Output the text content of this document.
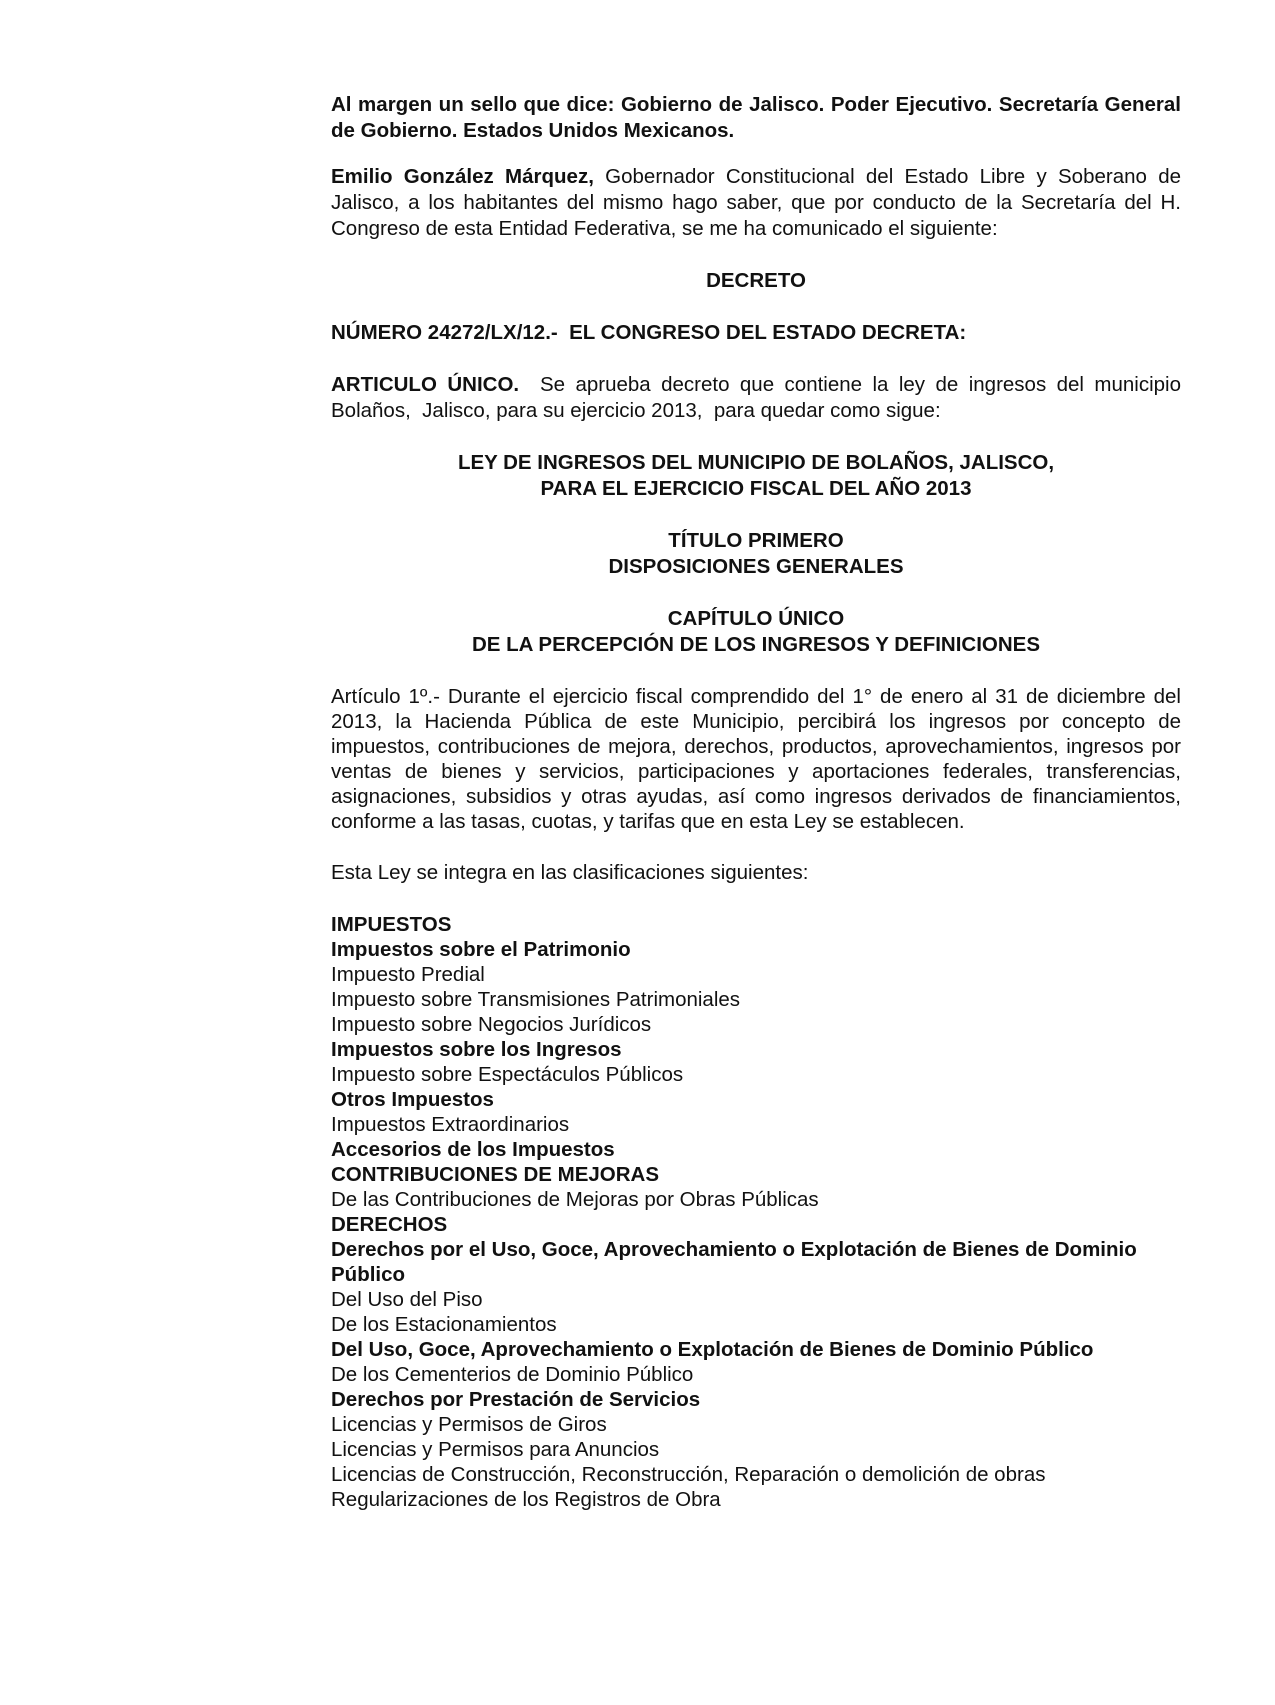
Al margen un sello que dice: Gobierno de Jalisco. Poder Ejecutivo. Secretaría General de Gobierno. Estados Unidos Mexicanos.

Emilio González Márquez, Gobernador Constitucional del Estado Libre y Soberano de Jalisco, a los habitantes del mismo hago saber, que por conducto de la Secretaría del H. Congreso de esta Entidad Federativa, se me ha comunicado el siguiente:

DECRETO

NÚMERO 24272/LX/12.-  EL CONGRESO DEL ESTADO DECRETA:

ARTICULO ÚNICO.  Se aprueba decreto que contiene la ley de ingresos del municipio Bolaños,  Jalisco, para su ejercicio 2013,  para quedar como sigue:

LEY DE INGRESOS DEL MUNICIPIO DE BOLAÑOS, JALISCO,

PARA EL EJERCICIO FISCAL DEL AÑO 2013

TÍTULO PRIMERO

DISPOSICIONES GENERALES

CAPÍTULO ÚNICO

DE LA PERCEPCIÓN DE LOS INGRESOS Y DEFINICIONES

Artículo 1º.- Durante el ejercicio fiscal comprendido del 1° de enero al 31 de diciembre del 2013, la Hacienda Pública de este Municipio, percibirá los ingresos por concepto de impuestos, contribuciones de mejora, derechos, productos, aprovechamientos, ingresos por ventas de bienes y servicios, participaciones y aportaciones federales, transferencias, asignaciones, subsidios y otras ayudas, así como ingresos derivados de financiamientos, conforme a las tasas, cuotas, y tarifas que en esta Ley se establecen.

Esta Ley se integra en las clasificaciones siguientes:

IMPUESTOS
Impuestos sobre el Patrimonio
Impuesto Predial
Impuesto sobre Transmisiones Patrimoniales
Impuesto sobre Negocios Jurídicos
Impuestos sobre los Ingresos
Impuesto sobre Espectáculos Públicos
Otros Impuestos
Impuestos Extraordinarios
Accesorios de los Impuestos
CONTRIBUCIONES DE MEJORAS
De las Contribuciones de Mejoras por Obras Públicas
DERECHOS
Derechos por el Uso, Goce, Aprovechamiento o Explotación de Bienes de Dominio Público
Del Uso del Piso
De los Estacionamientos
Del Uso, Goce, Aprovechamiento o Explotación de Bienes de Dominio Público
De los Cementerios de Dominio Público
Derechos por Prestación de Servicios
Licencias y Permisos de Giros
Licencias y Permisos para Anuncios
Licencias de Construcción, Reconstrucción, Reparación o demolición de obras
Regularizaciones de los Registros de Obra
